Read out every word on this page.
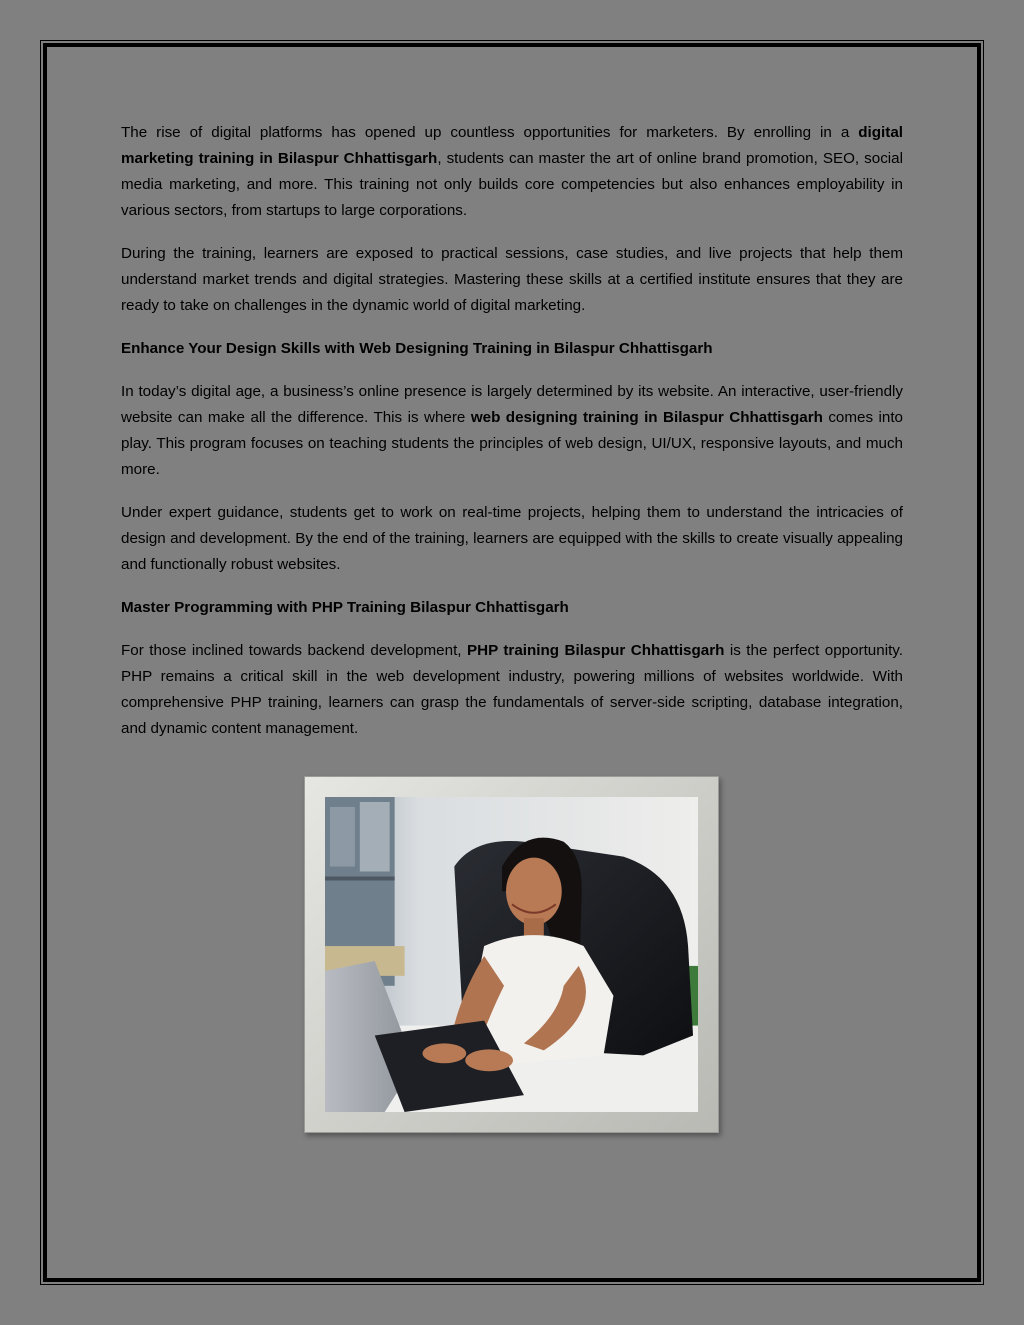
The rise of digital platforms has opened up countless opportunities for marketers. By enrolling in a digital marketing training in Bilaspur Chhattisgarh, students can master the art of online brand promotion, SEO, social media marketing, and more. This training not only builds core competencies but also enhances employability in various sectors, from startups to large corporations.

During the training, learners are exposed to practical sessions, case studies, and live projects that help them understand market trends and digital strategies. Mastering these skills at a certified institute ensures that they are ready to take on challenges in the dynamic world of digital marketing.

Enhance Your Design Skills with Web Designing Training in Bilaspur Chhattisgarh

In today’s digital age, a business’s online presence is largely determined by its website. An interactive, user-friendly website can make all the difference. This is where web designing training in Bilaspur Chhattisgarh comes into play. This program focuses on teaching students the principles of web design, UI/UX, responsive layouts, and much more.

Under expert guidance, students get to work on real-time projects, helping them to understand the intricacies of design and development. By the end of the training, learners are equipped with the skills to create visually appealing and functionally robust websites.

Master Programming with PHP Training Bilaspur Chhattisgarh

For those inclined towards backend development, PHP training Bilaspur Chhattisgarh is the perfect opportunity. PHP remains a critical skill in the web development industry, powering millions of websites worldwide. With comprehensive PHP training, learners can grasp the fundamentals of server-side scripting, database integration, and dynamic content management.
